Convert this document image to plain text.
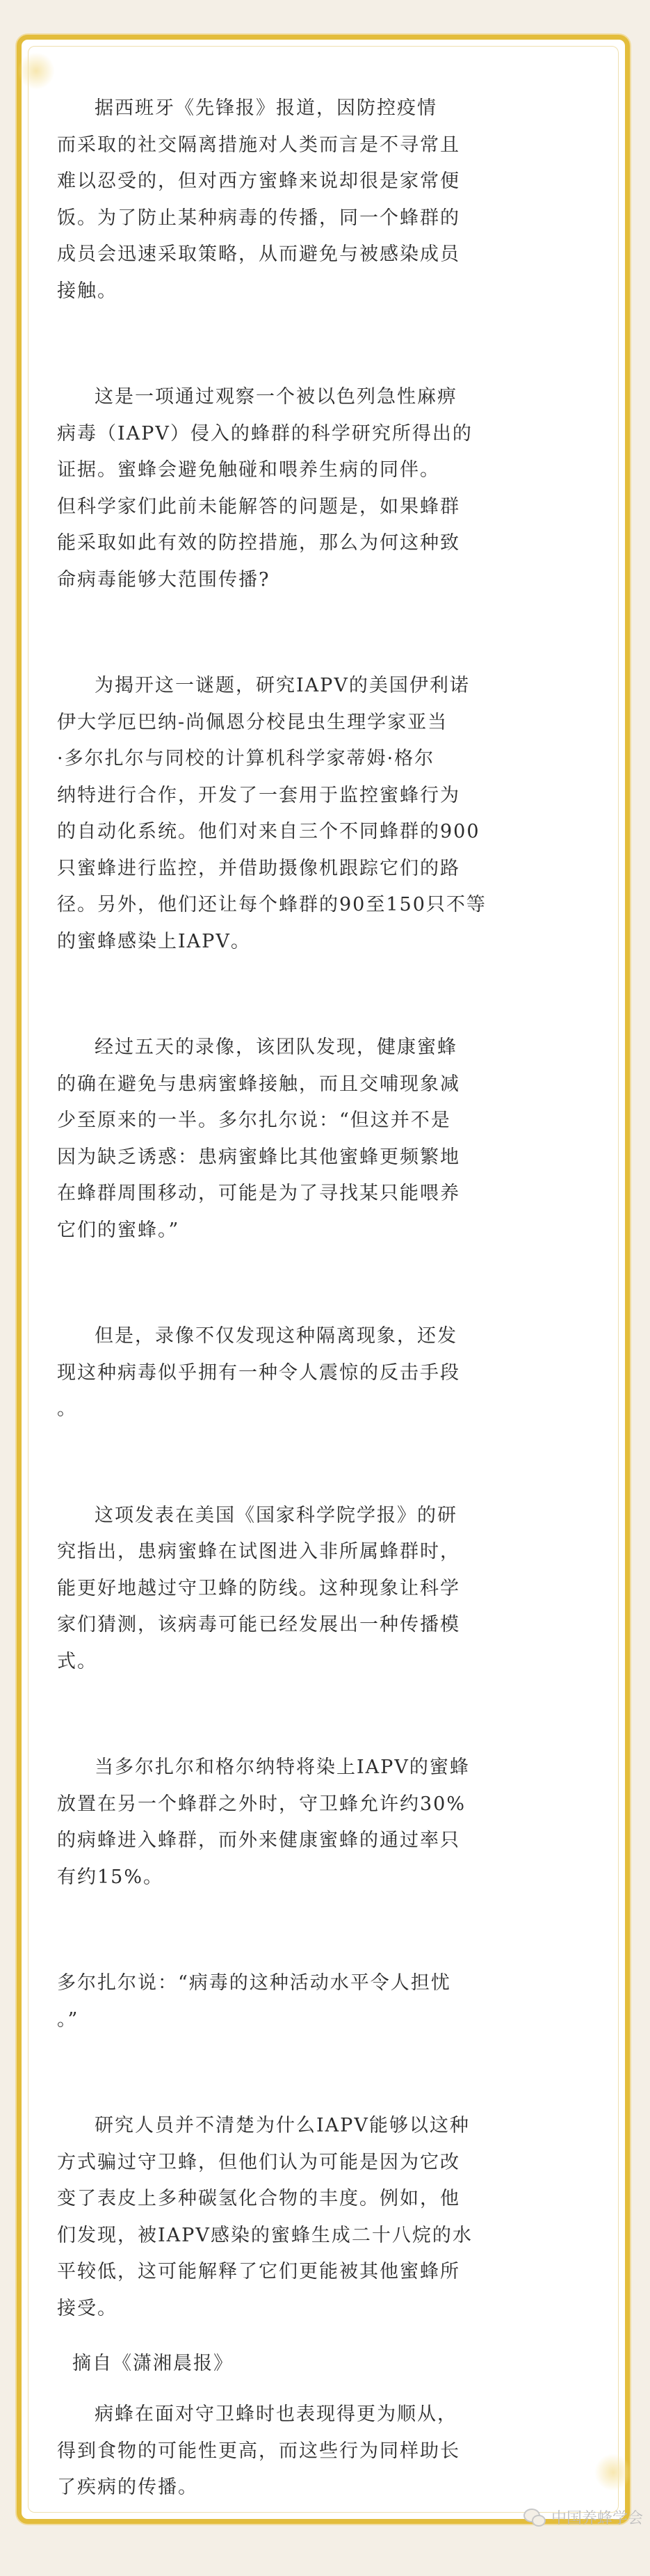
据西班牙《先锋报》报道，因防控疫情
而采取的社交隔离措施对人类而言是不寻常且
难以忍受的，但对西方蜜蜂来说却很是家常便
饭。为了防止某种病毒的传播，同一个蜂群的
成员会迅速采取策略，从而避免与被感染成员
接触。

这是一项通过观察一个被以色列急性麻痹
病毒（IAPV）侵入的蜂群的科学研究所得出的
证据。蜜蜂会避免触碰和喂养生病的同伴。
但科学家们此前未能解答的问题是，如果蜂群
能采取如此有效的防控措施，那么为何这种致
命病毒能够大范围传播?

为揭开这一谜题，研究IAPV的美国伊利诺
伊大学厄巴纳-尚佩恩分校昆虫生理学家亚当
·多尔扎尔与同校的计算机科学家蒂姆·格尔
纳特进行合作，开发了一套用于监控蜜蜂行为
的自动化系统。他们对来自三个不同蜂群的900
只蜜蜂进行监控，并借助摄像机跟踪它们的路
径。另外，他们还让每个蜂群的90至150只不等
的蜜蜂感染上IAPV。

经过五天的录像，该团队发现，健康蜜蜂
的确在避免与患病蜜蜂接触，而且交哺现象减
少至原来的一半。多尔扎尔说：“但这并不是
因为缺乏诱惑：患病蜜蜂比其他蜜蜂更频繁地
在蜂群周围移动，可能是为了寻找某只能喂养
它们的蜜蜂。”

但是，录像不仅发现这种隔离现象，还发
现这种病毒似乎拥有一种令人震惊的反击手段
。

这项发表在美国《国家科学院学报》的研
究指出，患病蜜蜂在试图进入非所属蜂群时，
能更好地越过守卫蜂的防线。这种现象让科学
家们猜测，该病毒可能已经发展出一种传播模
式。

当多尔扎尔和格尔纳特将染上IAPV的蜜蜂
放置在另一个蜂群之外时，守卫蜂允许约30%
的病蜂进入蜂群，而外来健康蜜蜂的通过率只
有约15%。

多尔扎尔说：“病毒的这种活动水平令人担忧
。”

研究人员并不清楚为什么IAPV能够以这种
方式骗过守卫蜂，但他们认为可能是因为它改
变了表皮上多种碳氢化合物的丰度。例如，他
们发现，被IAPV感染的蜜蜂生成二十八烷的水
平较低，这可能解释了它们更能被其他蜜蜂所
接受。

病蜂在面对守卫蜂时也表现得更为顺从，
得到食物的可能性更高，而这些行为同样助长
了疾病的传播。

摘自《潇湘晨报》
中国养蜂学会
